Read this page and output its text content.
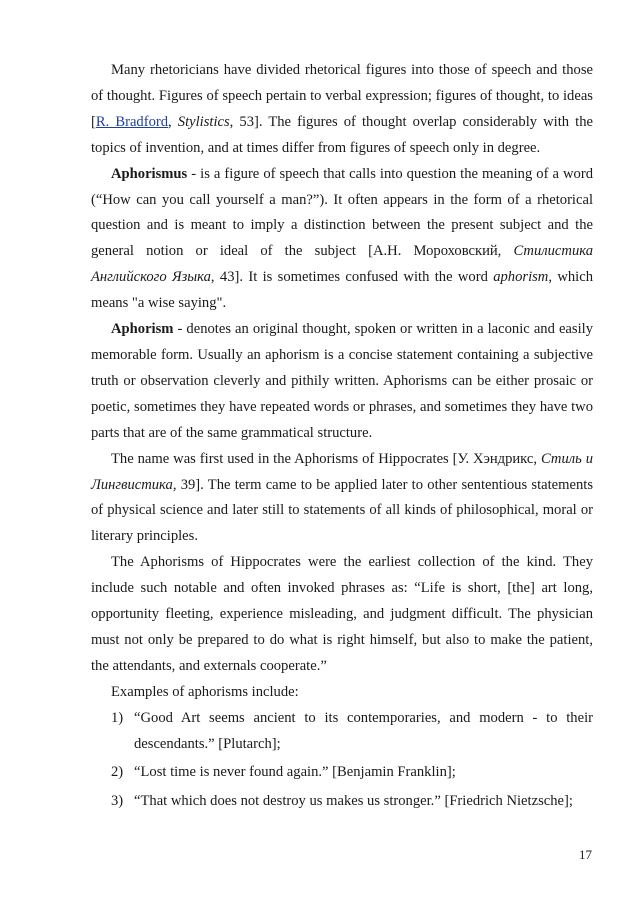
Many rhetoricians have divided rhetorical figures into those of speech and those of thought. Figures of speech pertain to verbal expression; figures of thought, to ideas [R. Bradford, Stylistics, 53]. The figures of thought overlap considerably with the topics of invention, and at times differ from figures of speech only in degree.

Aphorismus - is a figure of speech that calls into question the meaning of a word (“How can you call yourself a man?”). It often appears in the form of a rhetorical question and is meant to imply a distinction between the present subject and the general notion or ideal of the subject [А.Н. Мороховский, Стилистика Английского Языка, 43]. It is sometimes confused with the word aphorism, which means "a wise saying".

Aphorism - denotes an original thought, spoken or written in a laconic and easily memorable form. Usually an aphorism is a concise statement containing a subjective truth or observation cleverly and pithily written. Aphorisms can be either prosaic or poetic, sometimes they have repeated words or phrases, and sometimes they have two parts that are of the same grammatical structure.

The name was first used in the Aphorisms of Hippocrates [У. Хэндрикс, Стиль и Лингвистика, 39]. The term came to be applied later to other sententious statements of physical science and later still to statements of all kinds of philosophical, moral or literary principles.

The Aphorisms of Hippocrates were the earliest collection of the kind. They include such notable and often invoked phrases as: “Life is short, [the] art long, opportunity fleeting, experience misleading, and judgment difficult. The physician must not only be prepared to do what is right himself, but also to make the patient, the attendants, and externals cooperate.”

Examples of aphorisms include:

1) “Good Art seems ancient to its contemporaries, and modern - to their descendants.” [Plutarch];
2) “Lost time is never found again.” [Benjamin Franklin];
3) “That which does not destroy us makes us stronger.” [Friedrich Nietzsche];
17
